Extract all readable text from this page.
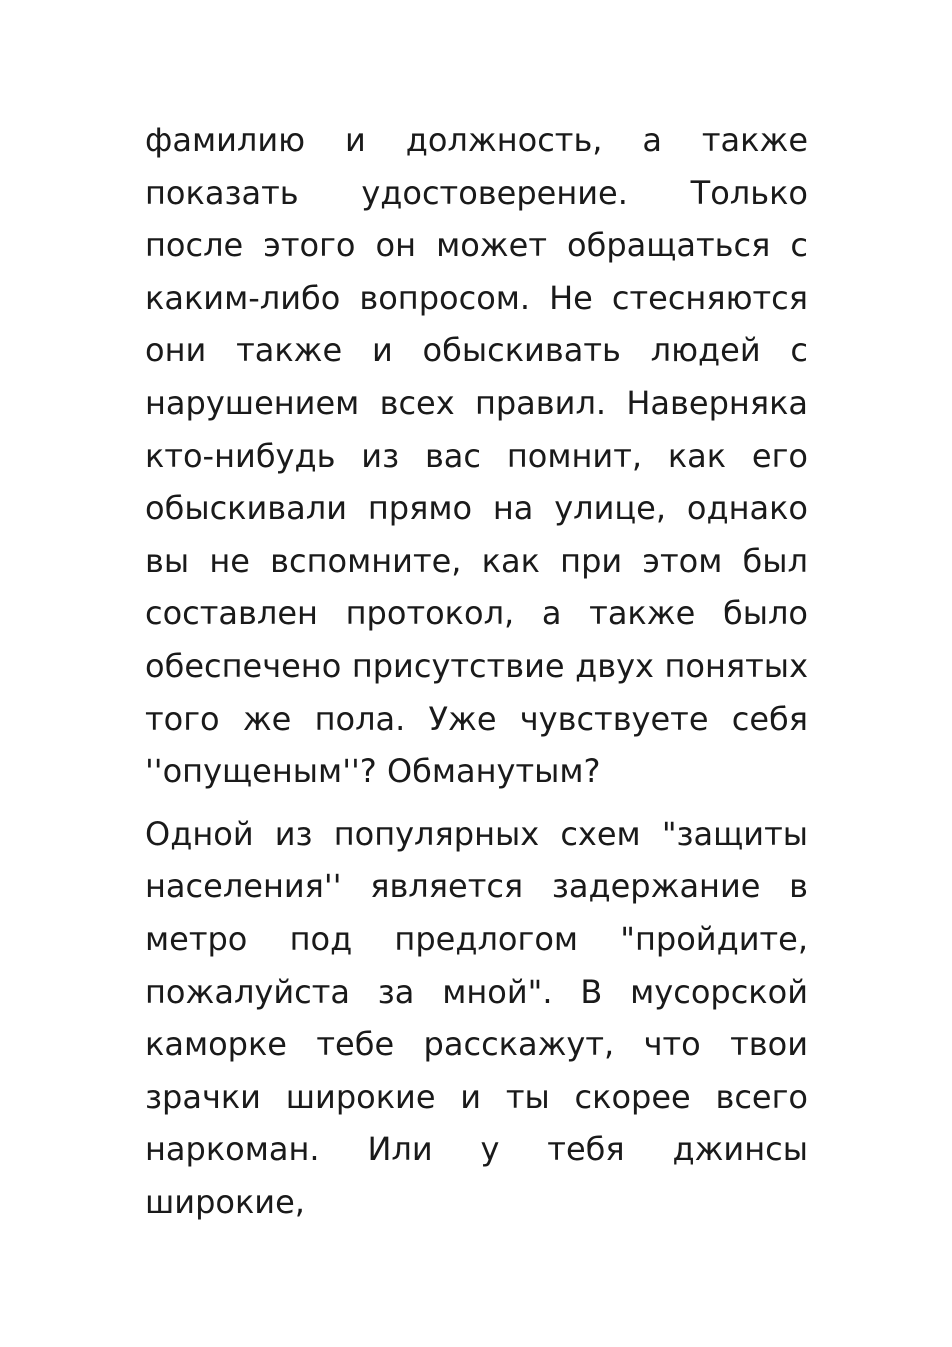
фамилию и должность, а также показать удостоверение. Только после этого он может обращаться с каким-либо вопросом. Не стесняются они также и обыскивать людей с нарушением всех правил. Наверняка кто-нибудь из вас помнит, как его обыскивали прямо на улице, однако вы не вспомните, как при этом был составлен протокол, а также было обеспечено присутствие двух понятых того же пола. Уже чувствуете себя ''опущеным''? Обманутым?

Одной из популярных схем "защиты населения'' является задержание в метро под предлогом "пройдите, пожалуйста за мной". В мусорской каморке тебе расскажут, что твои зрачки широкие и ты скорее всего наркоман. Или у тебя джинсы широкие,
